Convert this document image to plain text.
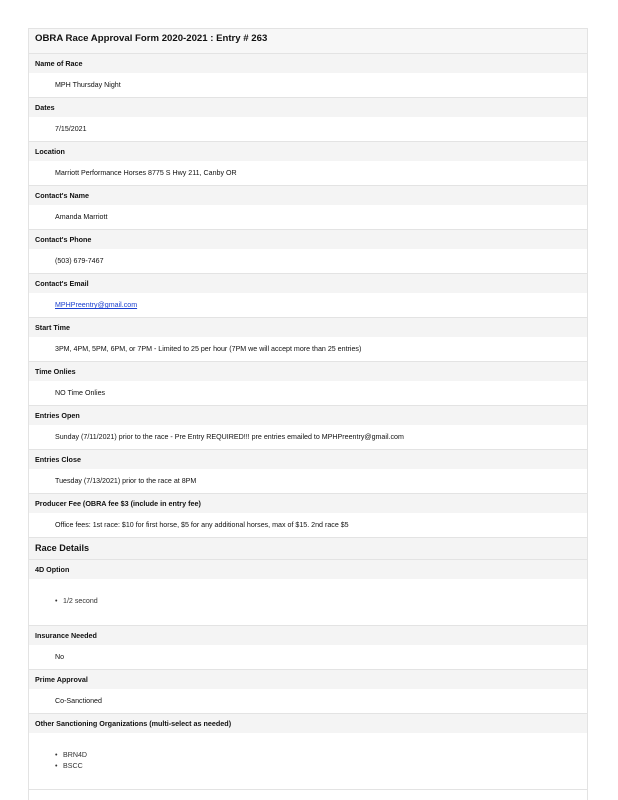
OBRA Race Approval Form 2020-2021 : Entry # 263
Name of Race
MPH Thursday Night
Dates
7/15/2021
Location
Marriott Performance Horses 8775 S Hwy 211, Canby OR
Contact's Name
Amanda Marriott
Contact's Phone
(503) 679-7467
Contact's Email
MPHPreentry@gmail.com
Start Time
3PM, 4PM, 5PM, 6PM, or 7PM - Limited to 25 per hour (7PM we will accept more than 25 entries)
Time Onlies
NO Time Onlies
Entries Open
Sunday (7/11/2021) prior to the race - Pre Entry REQUIRED!!! pre entries emailed to MPHPreentry@gmail.com
Entries Close
Tuesday (7/13/2021) prior to the race at 8PM
Producer Fee (OBRA fee $3 (include in entry fee)
Office fees: 1st race: $10 for first horse, $5 for any additional horses, max of $15. 2nd race $5
Race Details
4D Option
• 1/2 second
Insurance Needed
No
Prime Approval
Co-Sanctioned
Other Sanctioning Organizations (multi-select as needed)
• BRN4D
• BSCC
